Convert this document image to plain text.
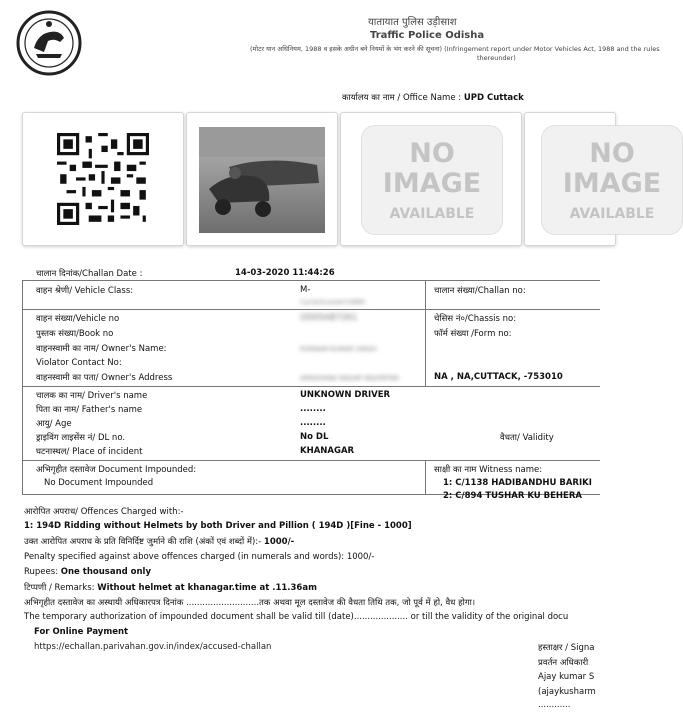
यातायात पुलिस उड़ीसाश
Traffic Police Odisha
(मोटर यान अधिनियम, 1988 व इसके अधीन बने नियमों के भंग करने की सूचना) (Infringement report under Motor Vehicles Act, 1988 and the rules
thereunder)
कार्यालय का नाम / Office Name : UPD Cuttack
NO
IMAGE
AVAILABLE
NO
IMAGE
AVAILABLE
चालान दिनांक/Challan Date :	14-03-2020 11:44:26
वाहन श्रेणी/ Vehicle Class:	M-
Cycle/Scooter(2WN)
चालान संख्या/Challan no:
वाहन संख्या/Vehicle no	OD05AB7261	चेसिस नं०/Chassis no:
पुस्तक संख्या/Book no	फॉर्म संख्या /Form no:
वाहनस्वामी का नाम/ Owner's Name:	PURNAM KUMAR SINGH
Violator Contact No:
वाहनस्वामी का पता/ Owner's Address	ARADHANA NAGAR NAUPATNA	NA , NA,CUTTACK, -753010
चालक का नाम/ Driver's name	UNKNOWN DRIVER
पिता का नाम/ Father's name	........
आयु/ Age	........
ड्राइविंग लाइसेंस नं/ DL no.	No DL	वैधता/ Validity
घटनास्थल/ Place of incident	KHANAGAR
अभिगृहीत दस्तावेज Document Impounded:
No Document Impounded
साक्षी का नाम Witness name:
1: C/1138 HADIBANDHU BARIKI
2: C/894 TUSHAR KU BEHERA
आरोपित अपराध/ Offences Charged with:-
1: 194D Ridding without Helmets by both Driver and Pillion ( 194D )[Fine - 1000]
उक्त आरोपित अपराध के प्रति विनिर्दिष्ट जुर्माने की राशि (अंकों एवं शब्दों में):- 1000/-
Penalty specified against above offences charged (in numerals and words): 1000/-
Rupees: One thousand only
टिप्पणी / Remarks: Without helmet at khanagar.time at .11.36am
अभिगृहीत दस्तावेज का अस्थायी अधिकारपत्र दिनांक ...........................तक अथवा मूल दस्तावेज की वैधता तिथि तक, जो पूर्व में हो, वैध होगा।
The temporary authorization of impounded document shall be valid till (date).................... or till the validity of the original docu
For Online Payment
https://echallan.parivahan.gov.in/index/accused-challan	हस्ताक्षर / Signa
प्रवर्तन अधिकारी
Ajay kumar S
(ajaykusharm
............
